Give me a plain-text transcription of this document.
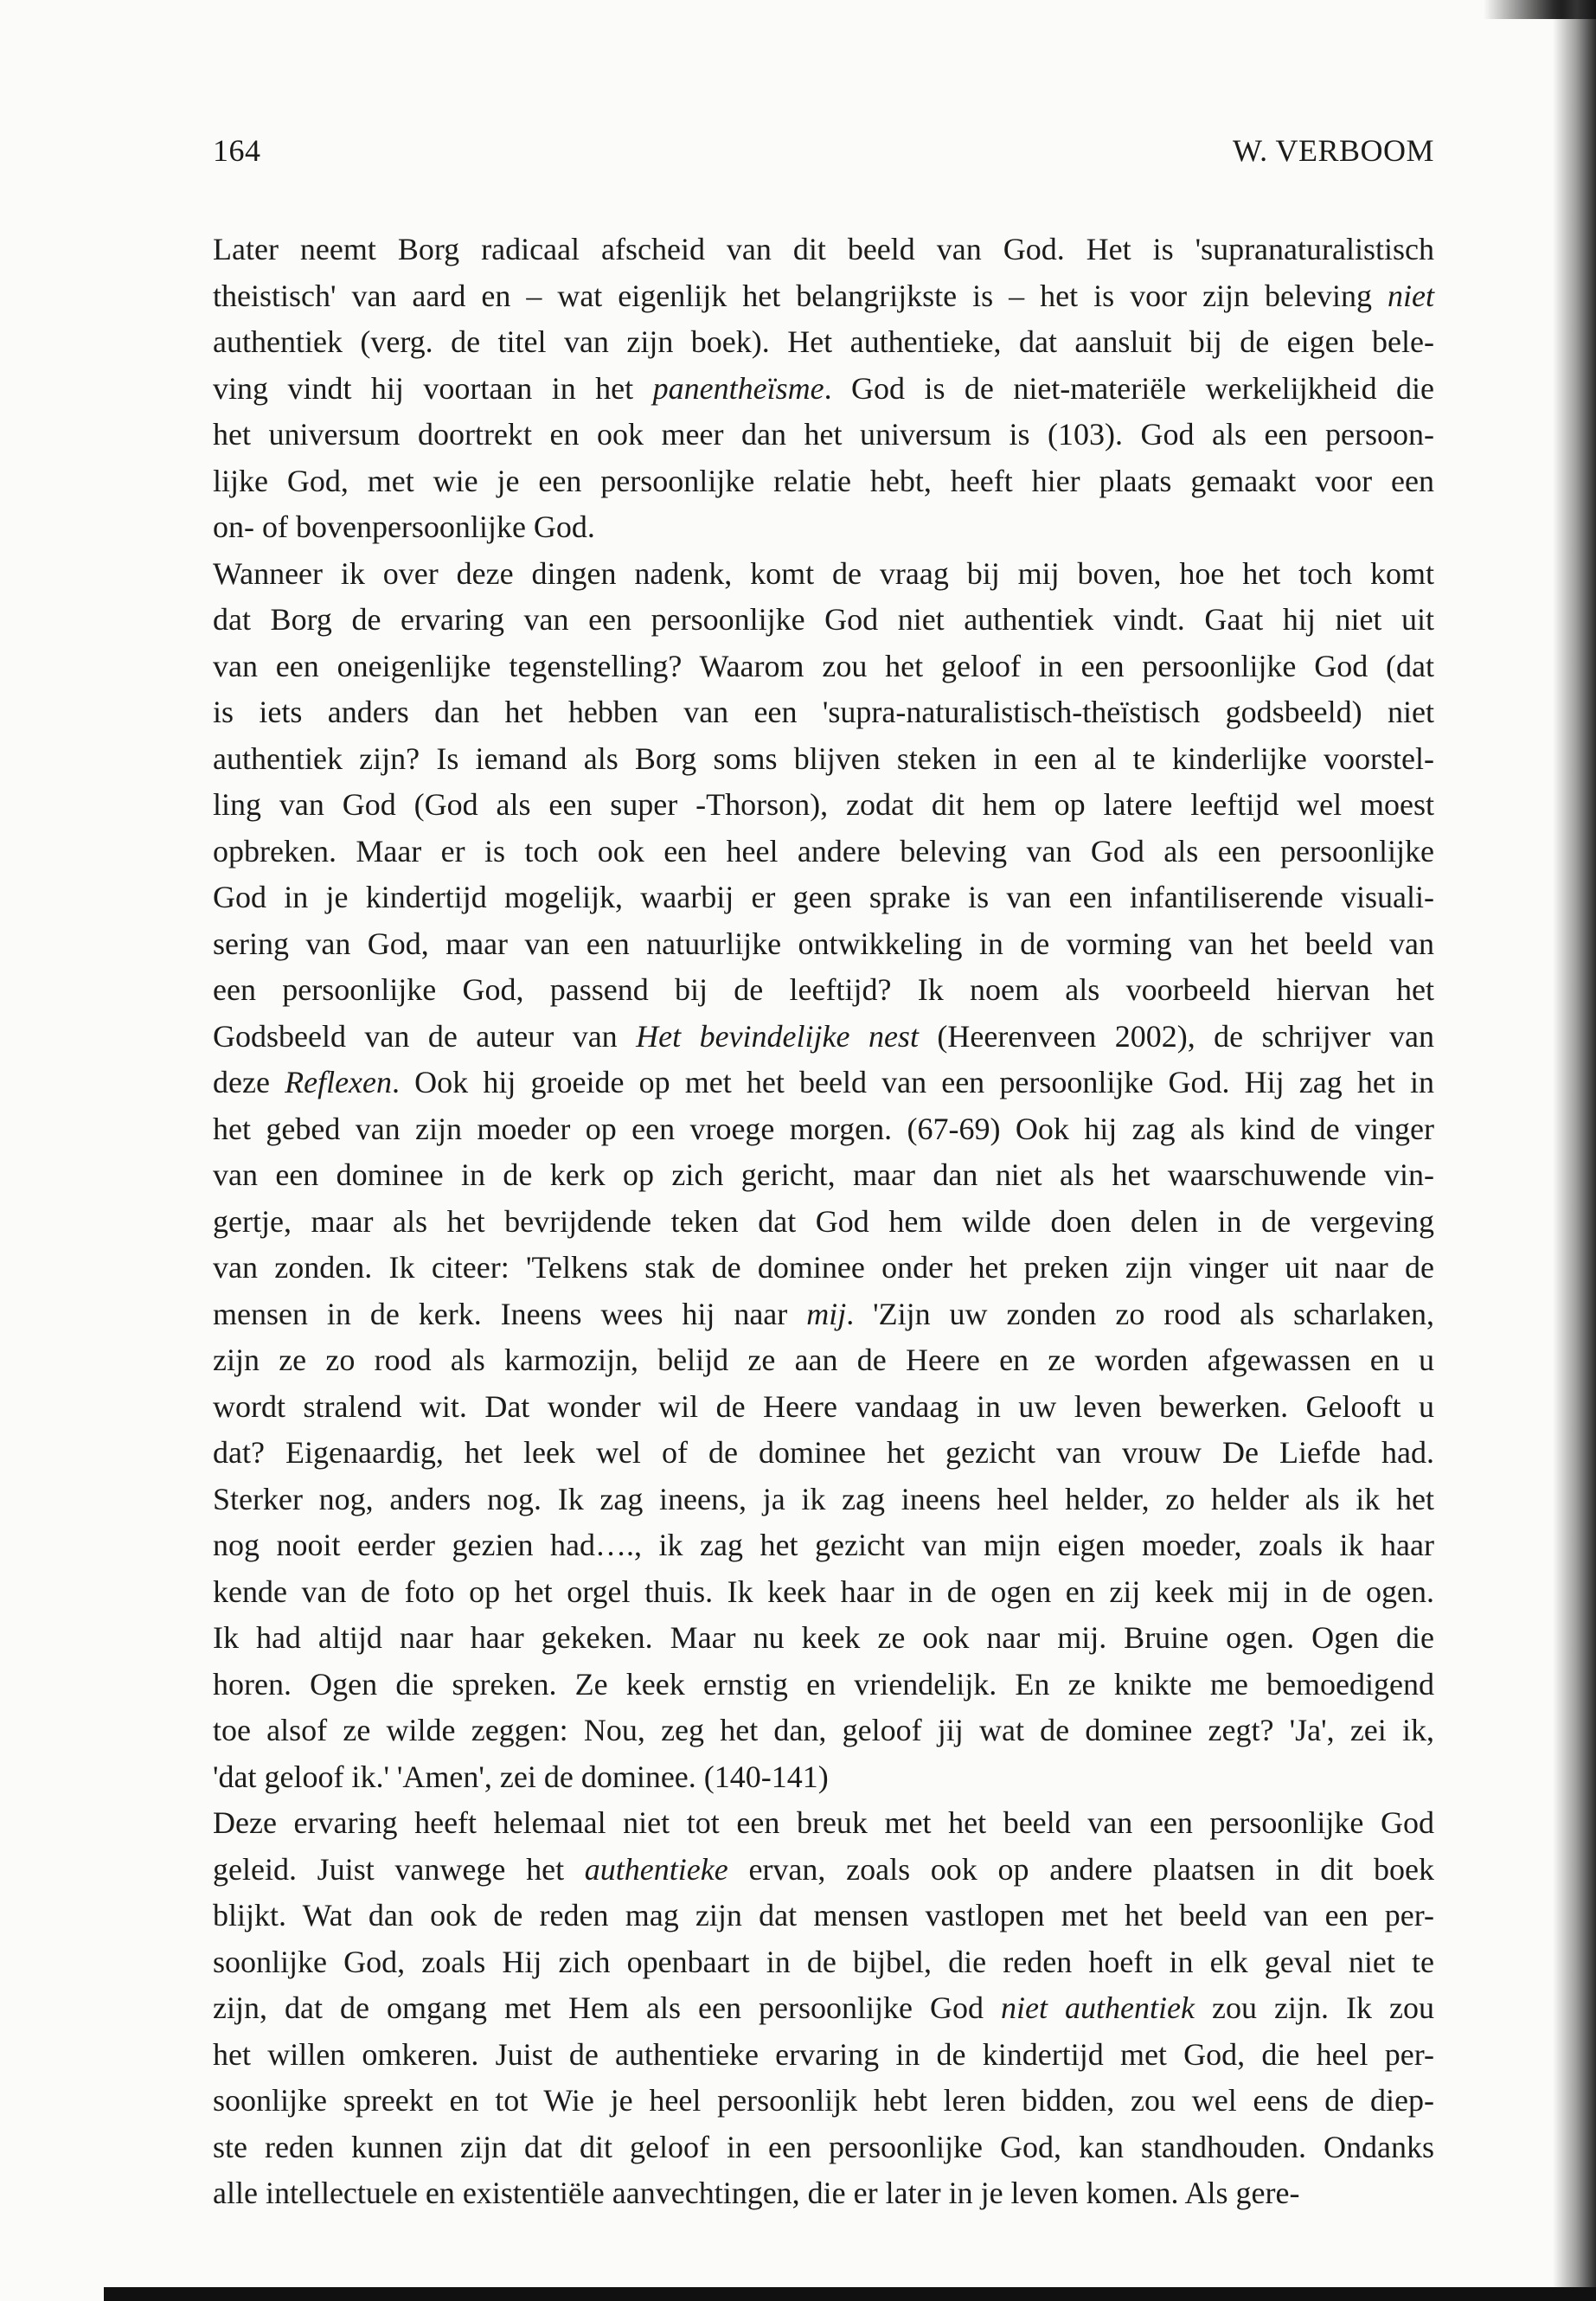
164	W. VERBOOM
Later neemt Borg radicaal afscheid van dit beeld van God. Het is 'supranaturalistisch
theistisch' van aard en – wat eigenlijk het belangrijkste is – het is voor zijn beleving niet
authentiek (verg. de titel van zijn boek). Het authentieke, dat aansluit bij de eigen bele-
ving vindt hij voortaan in het panentheïsme. God is de niet-materiële werkelijkheid die
het universum doortrekt en ook meer dan het universum is (103). God als een persoon-
lijke God, met wie je een persoonlijke relatie hebt, heeft hier plaats gemaakt voor een
on- of bovenpersoonlijke God.
Wanneer ik over deze dingen nadenk, komt de vraag bij mij boven, hoe het toch komt
dat Borg de ervaring van een persoonlijke God niet authentiek vindt. Gaat hij niet uit
van een oneigenlijke tegenstelling? Waarom zou het geloof in een persoonlijke God (dat
is iets anders dan het hebben van een 'supra-naturalistisch-theïstisch godsbeeld) niet
authentiek zijn? Is iemand als Borg soms blijven steken in een al te kinderlijke voorstel-
ling van God (God als een super -Thorson), zodat dit hem op latere leeftijd wel moest
opbreken. Maar er is toch ook een heel andere beleving van God als een persoonlijke
God in je kindertijd mogelijk, waarbij er geen sprake is van een infantiliserende visuali-
sering van God, maar van een natuurlijke ontwikkeling in de vorming van het beeld van
een persoonlijke God, passend bij de leeftijd? Ik noem als voorbeeld hiervan het
Godsbeeld van de auteur van Het bevindelijke nest (Heerenveen 2002), de schrijver van
deze Reflexen. Ook hij groeide op met het beeld van een persoonlijke God. Hij zag het in
het gebed van zijn moeder op een vroege morgen. (67-69) Ook hij zag als kind de vinger
van een dominee in de kerk op zich gericht, maar dan niet als het waarschuwende vin-
gertje, maar als het bevrijdende teken dat God hem wilde doen delen in de vergeving
van zonden. Ik citeer: 'Telkens stak de dominee onder het preken zijn vinger uit naar de
mensen in de kerk. Ineens wees hij naar mij. 'Zijn uw zonden zo rood als scharlaken,
zijn ze zo rood als karmozijn, belijd ze aan de Heere en ze worden afgewassen en u
wordt stralend wit. Dat wonder wil de Heere vandaag in uw leven bewerken. Gelooft u
dat? Eigenaardig, het leek wel of de dominee het gezicht van vrouw De Liefde had.
Sterker nog, anders nog. Ik zag ineens, ja ik zag ineens heel helder, zo helder als ik het
nog nooit eerder gezien had…., ik zag het gezicht van mijn eigen moeder, zoals ik haar
kende van de foto op het orgel thuis. Ik keek haar in de ogen en zij keek mij in de ogen.
Ik had altijd naar haar gekeken. Maar nu keek ze ook naar mij. Bruine ogen. Ogen die
horen. Ogen die spreken. Ze keek ernstig en vriendelijk. En ze knikte me bemoedigend
toe alsof ze wilde zeggen: Nou, zeg het dan, geloof jij wat de dominee zegt? 'Ja', zei ik,
'dat geloof ik.' 'Amen', zei de dominee. (140-141)
Deze ervaring heeft helemaal niet tot een breuk met het beeld van een persoonlijke God
geleid. Juist vanwege het authentieke ervan, zoals ook op andere plaatsen in dit boek
blijkt. Wat dan ook de reden mag zijn dat mensen vastlopen met het beeld van een per-
soonlijke God, zoals Hij zich openbaart in de bijbel, die reden hoeft in elk geval niet te
zijn, dat de omgang met Hem als een persoonlijke God niet authentiek zou zijn. Ik zou
het willen omkeren. Juist de authentieke ervaring in de kindertijd met God, die heel per-
soonlijke spreekt en tot Wie je heel persoonlijk hebt leren bidden, zou wel eens de diep-
ste reden kunnen zijn dat dit geloof in een persoonlijke God, kan standhouden. Ondanks
alle intellectuele en existentiële aanvechtingen, die er later in je leven komen. Als gere-
